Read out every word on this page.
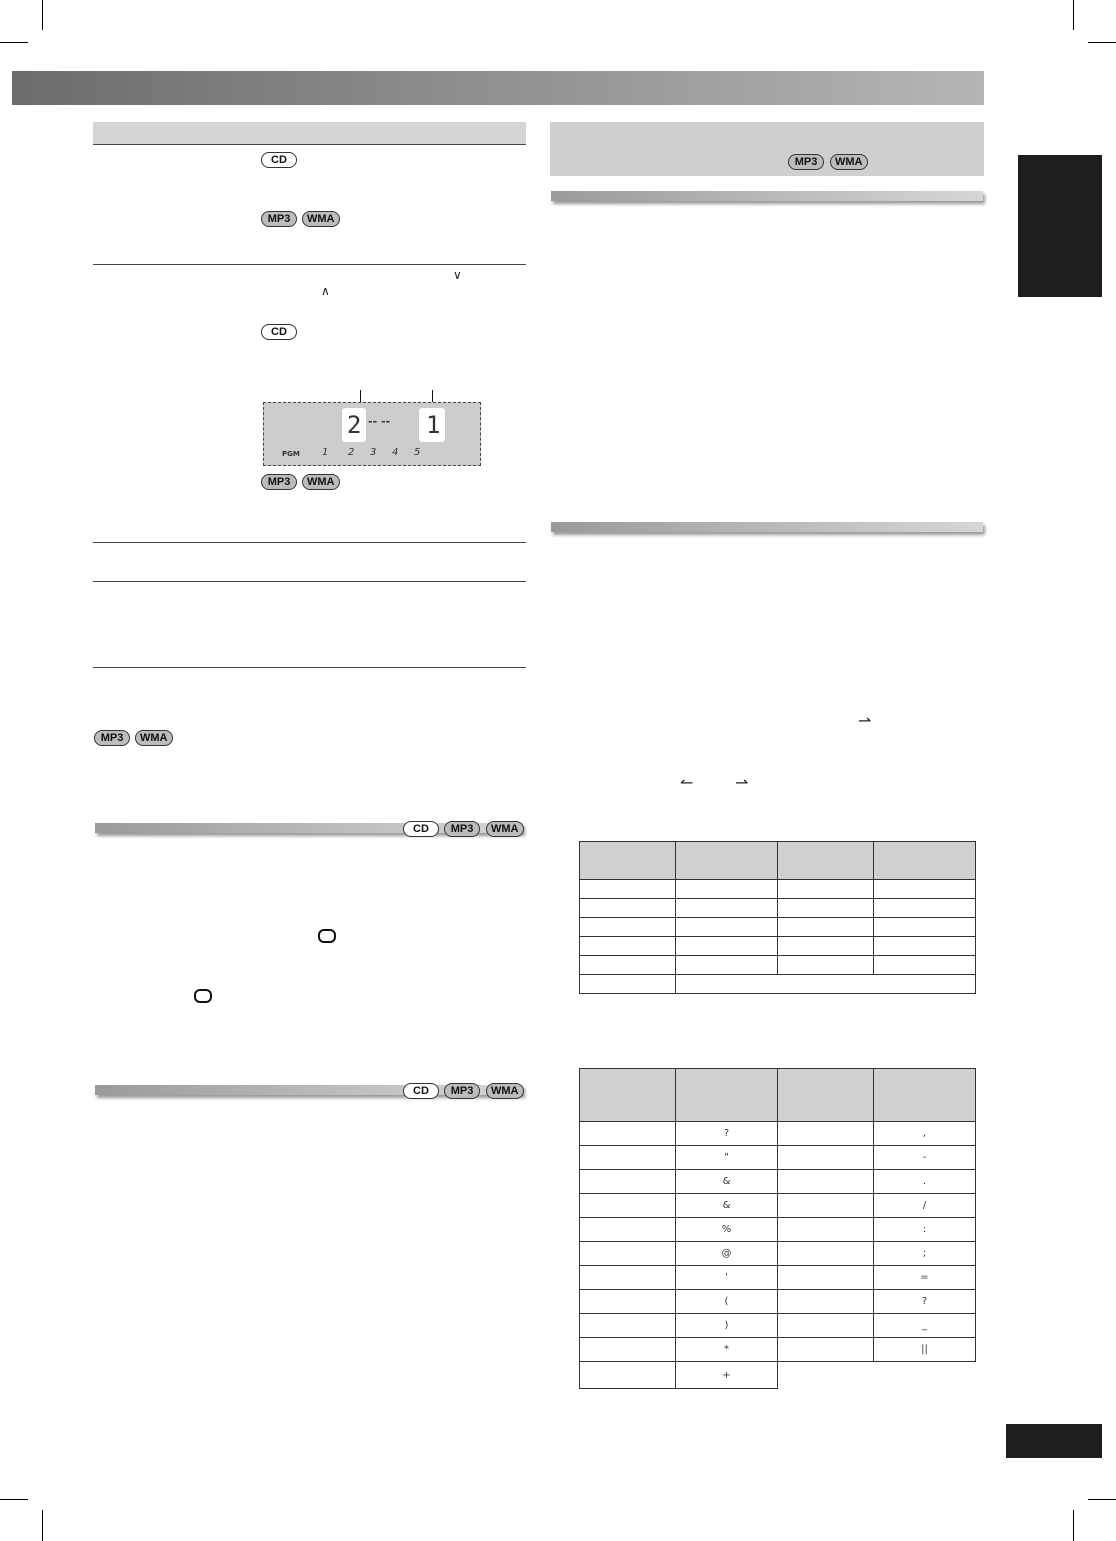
CD
MP3	WMA
∨
∧
CD
2 -- -- 1
PGM 1 2 3 4 5
MP3	WMA
MP3	WMA
CD	MP3	WMA
CD	MP3	WMA
MP3	WMA
⇀
↼	⇀

	?		,
	"		-
	&		.
	&		/
	%		:
	@		;
	'		=
	(		?
	)		_
	*		||
	+		
